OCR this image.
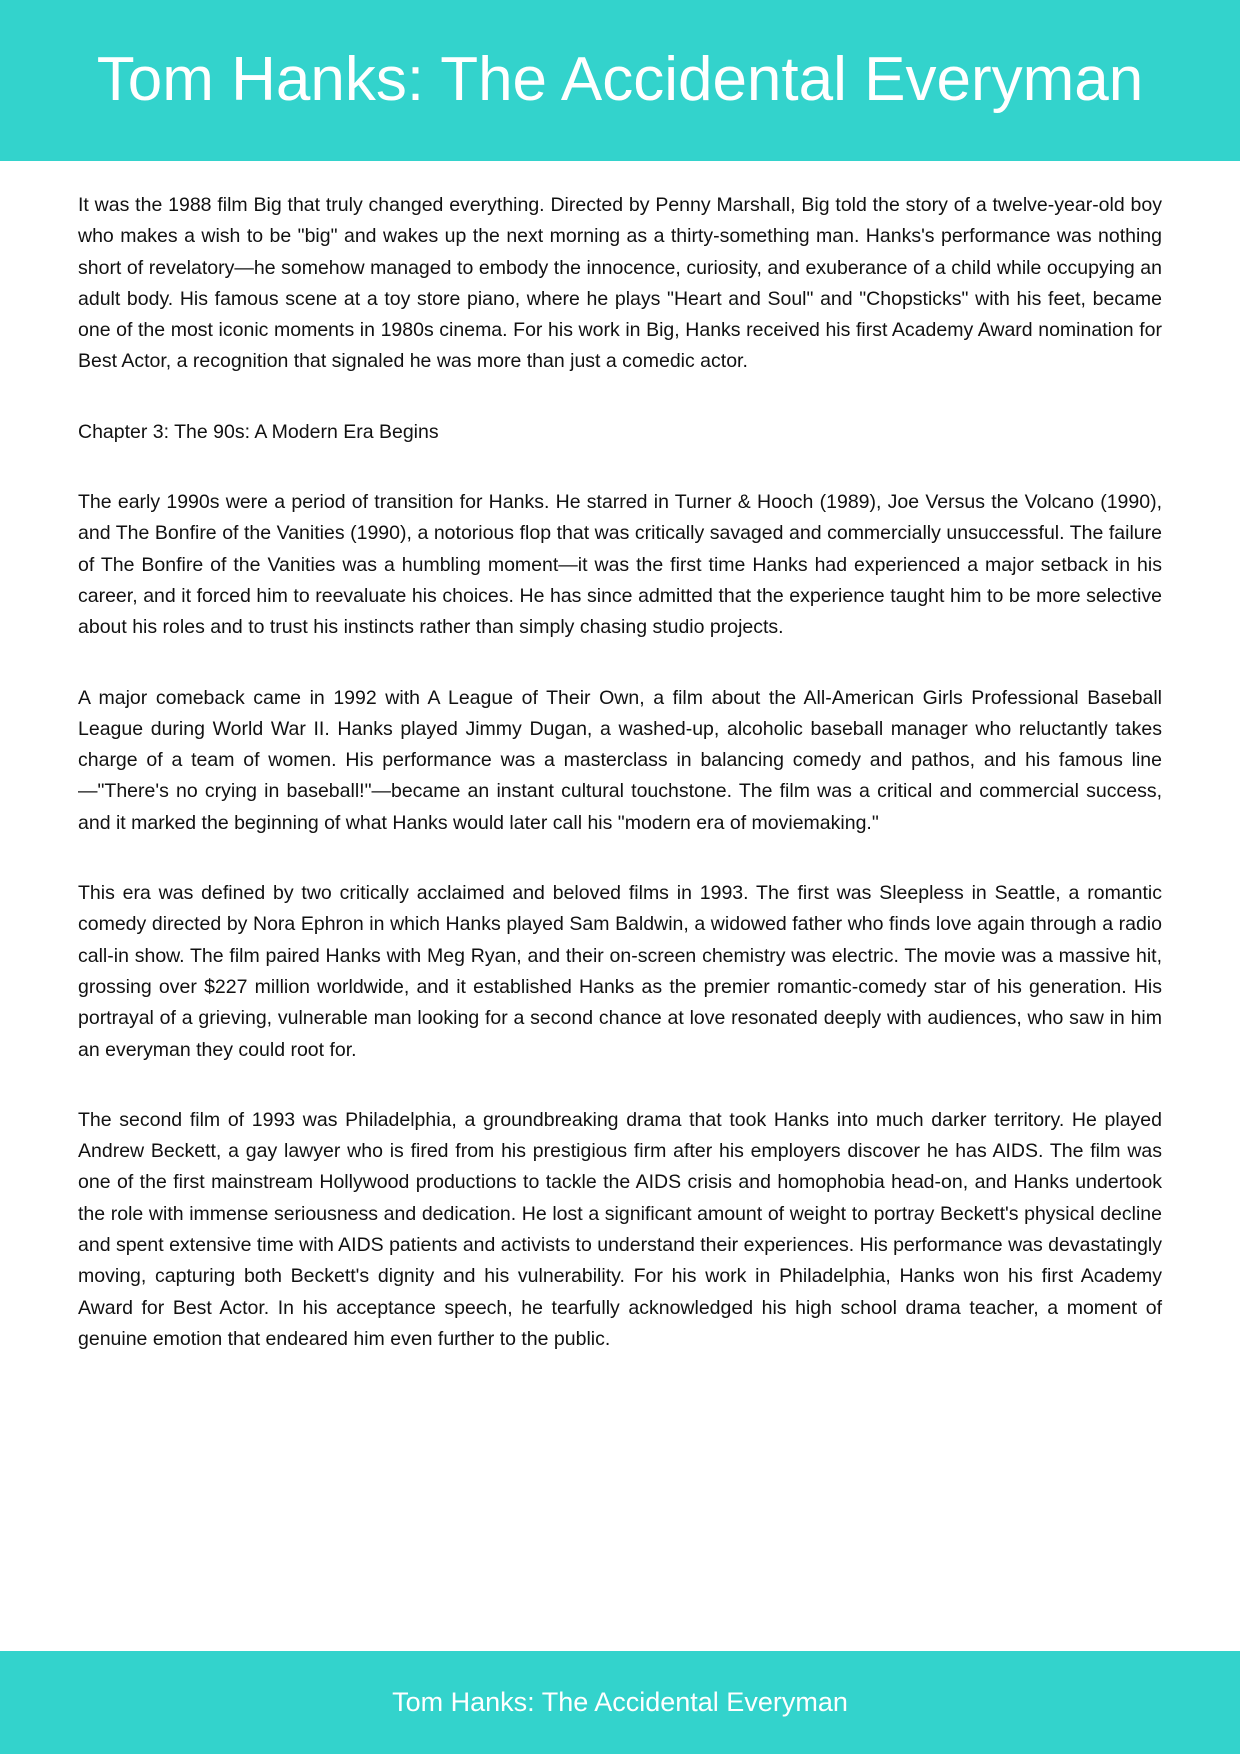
Tom Hanks: The Accidental Everyman

It was the 1988 film Big that truly changed everything. Directed by Penny Marshall, Big told the story of a twelve-year-old boy who makes a wish to be "big" and wakes up the next morning as a thirty-something man. Hanks's performance was nothing short of revelatory—he somehow managed to embody the innocence, curiosity, and exuberance of a child while occupying an adult body. His famous scene at a toy store piano, where he plays "Heart and Soul" and "Chopsticks" with his feet, became one of the most iconic moments in 1980s cinema. For his work in Big, Hanks received his first Academy Award nomination for Best Actor, a recognition that signaled he was more than just a comedic actor.

Chapter 3: The 90s: A Modern Era Begins

The early 1990s were a period of transition for Hanks. He starred in Turner & Hooch (1989), Joe Versus the Volcano (1990), and The Bonfire of the Vanities (1990), a notorious flop that was critically savaged and commercially unsuccessful. The failure of The Bonfire of the Vanities was a humbling moment—it was the first time Hanks had experienced a major setback in his career, and it forced him to reevaluate his choices. He has since admitted that the experience taught him to be more selective about his roles and to trust his instincts rather than simply chasing studio projects.

A major comeback came in 1992 with A League of Their Own, a film about the All-American Girls Professional Baseball League during World War II. Hanks played Jimmy Dugan, a washed-up, alcoholic baseball manager who reluctantly takes charge of a team of women. His performance was a masterclass in balancing comedy and pathos, and his famous line—"There's no crying in baseball!"—became an instant cultural touchstone. The film was a critical and commercial success, and it marked the beginning of what Hanks would later call his "modern era of moviemaking."

This era was defined by two critically acclaimed and beloved films in 1993. The first was Sleepless in Seattle, a romantic comedy directed by Nora Ephron in which Hanks played Sam Baldwin, a widowed father who finds love again through a radio call-in show. The film paired Hanks with Meg Ryan, and their on-screen chemistry was electric. The movie was a massive hit, grossing over $227 million worldwide, and it established Hanks as the premier romantic-comedy star of his generation. His portrayal of a grieving, vulnerable man looking for a second chance at love resonated deeply with audiences, who saw in him an everyman they could root for.

The second film of 1993 was Philadelphia, a groundbreaking drama that took Hanks into much darker territory. He played Andrew Beckett, a gay lawyer who is fired from his prestigious firm after his employers discover he has AIDS. The film was one of the first mainstream Hollywood productions to tackle the AIDS crisis and homophobia head-on, and Hanks undertook the role with immense seriousness and dedication. He lost a significant amount of weight to portray Beckett's physical decline and spent extensive time with AIDS patients and activists to understand their experiences. His performance was devastatingly moving, capturing both Beckett's dignity and his vulnerability. For his work in Philadelphia, Hanks won his first Academy Award for Best Actor. In his acceptance speech, he tearfully acknowledged his high school drama teacher, a moment of genuine emotion that endeared him even further to the public.

Tom Hanks: The Accidental Everyman
